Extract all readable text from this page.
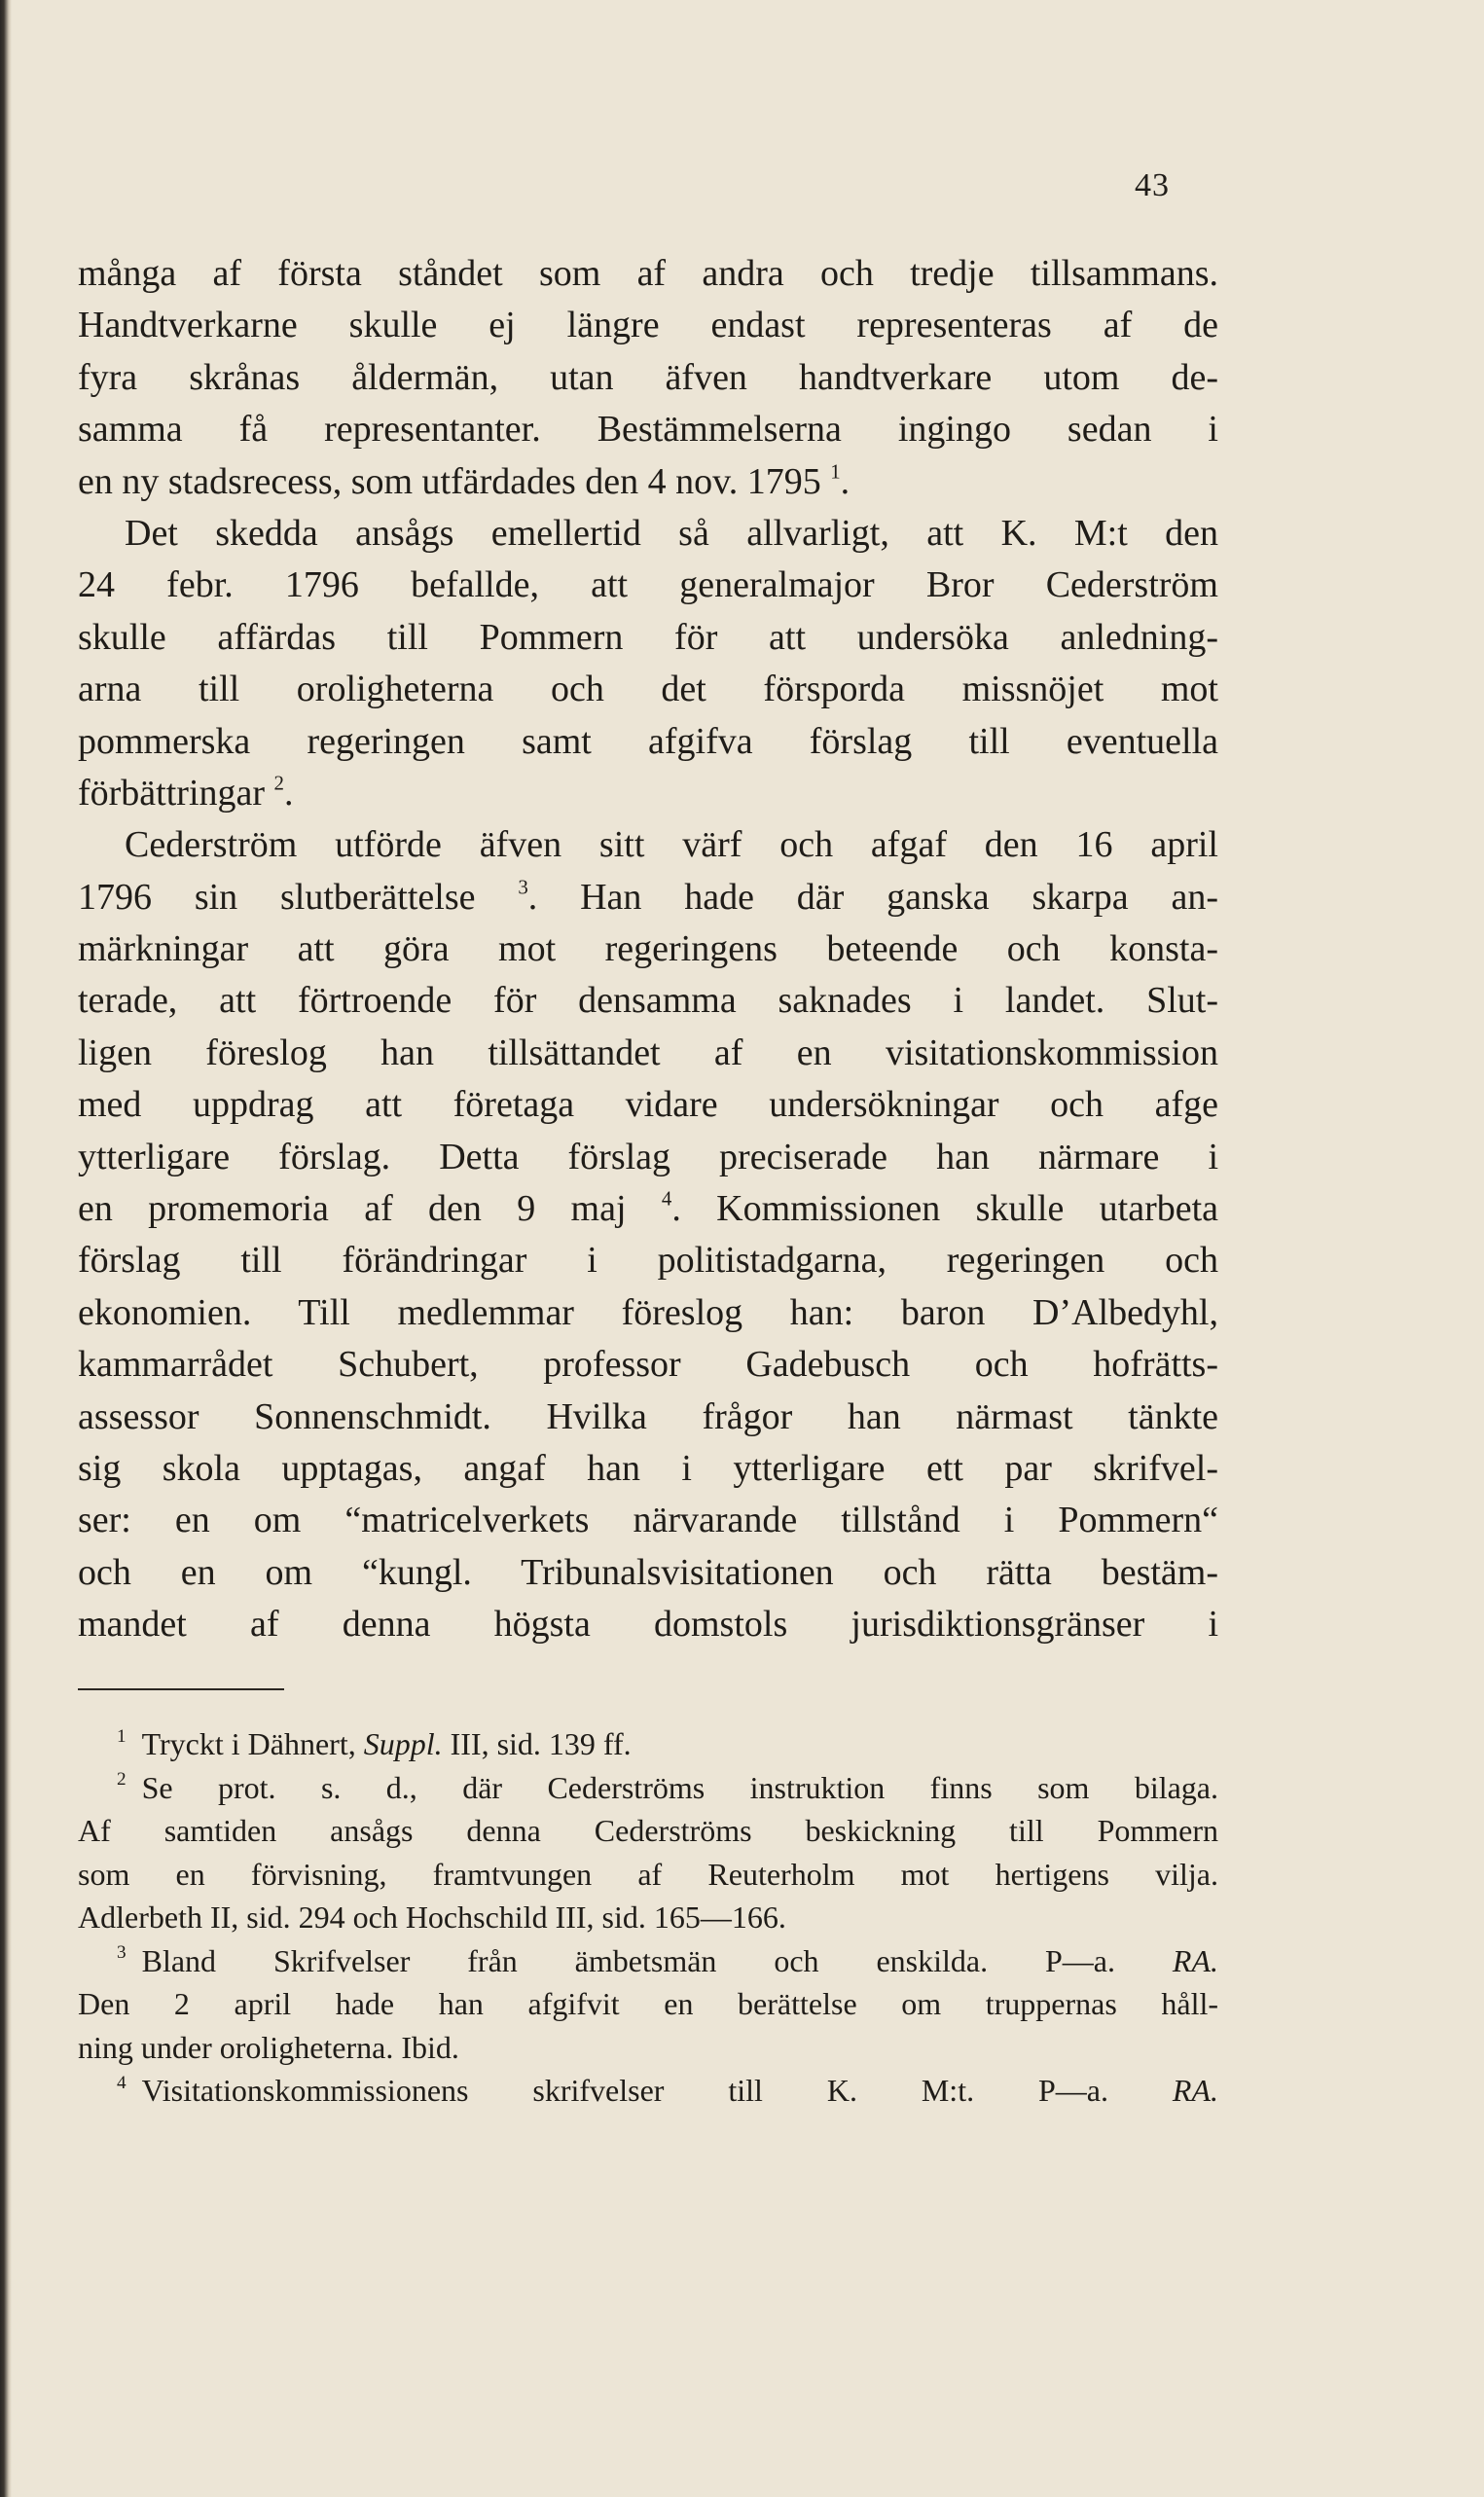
43
många af första ståndet som af andra och tredje tillsammans.
Handtverkarne skulle ej längre endast representeras af de
fyra skrånas åldermän, utan äfven handtverkare utom de-
samma få representanter. Bestämmelserna ingingo sedan i
en ny stadsrecess, som utfärdades den 4 nov. 1795 $^1$.
Det skedda ansågs emellertid så allvarligt, att K. M:t den
24 febr. 1796 befallde, att generalmajor Bror Cederström
skulle affärdas till Pommern för att undersöka anledning-
arna till oroligheterna och det försporda missnöjet mot
pommerska regeringen samt afgifva förslag till eventuella
förbättringar $^2$.
Cederström utförde äfven sitt värf och afgaf den 16 april
1796 sin slutberättelse $^3$. Han hade där ganska skarpa an-
märkningar att göra mot regeringens beteende och konsta-
terade, att förtroende för densamma saknades i landet. Slut-
ligen föreslog han tillsättandet af en visitationskommission
med uppdrag att företaga vidare undersökningar och afge
ytterligare förslag. Detta förslag preciserade han närmare i
en promemoria af den 9 maj $^4$. Kommissionen skulle utarbeta
förslag till förändringar i politistadgarna, regeringen och
ekonomien. Till medlemmar föreslog han: baron D’Albedyhl,
kammarrådet Schubert, professor Gadebusch och hofrätts-
assessor Sonnenschmidt. Hvilka frågor han närmast tänkte
sig skola upptagas, angaf han i ytterligare ett par skrifvel-
ser: en om “matricelverkets närvarande tillstånd i Pommern“
och en om “kungl. Tribunalsvisitationen och rätta bestäm-
mandet af denna högsta domstols jurisdiktionsgränser i
$^1$ Tryckt i Dähnert, Suppl. III, sid. 139 ff.
$^2$ Se prot. s. d., där Cederströms instruktion finns som bilaga.
Af samtiden ansågs denna Cederströms beskickning till Pommern
som en förvisning, framtvungen af Reuterholm mot hertigens vilja.
Adlerbeth II, sid. 294 och Hochschild III, sid. 165—166.
$^3$ Bland Skrifvelser från ämbetsmän och enskilda. P—a. RA.
Den 2 april hade han afgifvit en berättelse om truppernas håll-
ning under oroligheterna. Ibid.
$^4$ Visitationskommissionens skrifvelser till K. M:t. P—a. RA.
